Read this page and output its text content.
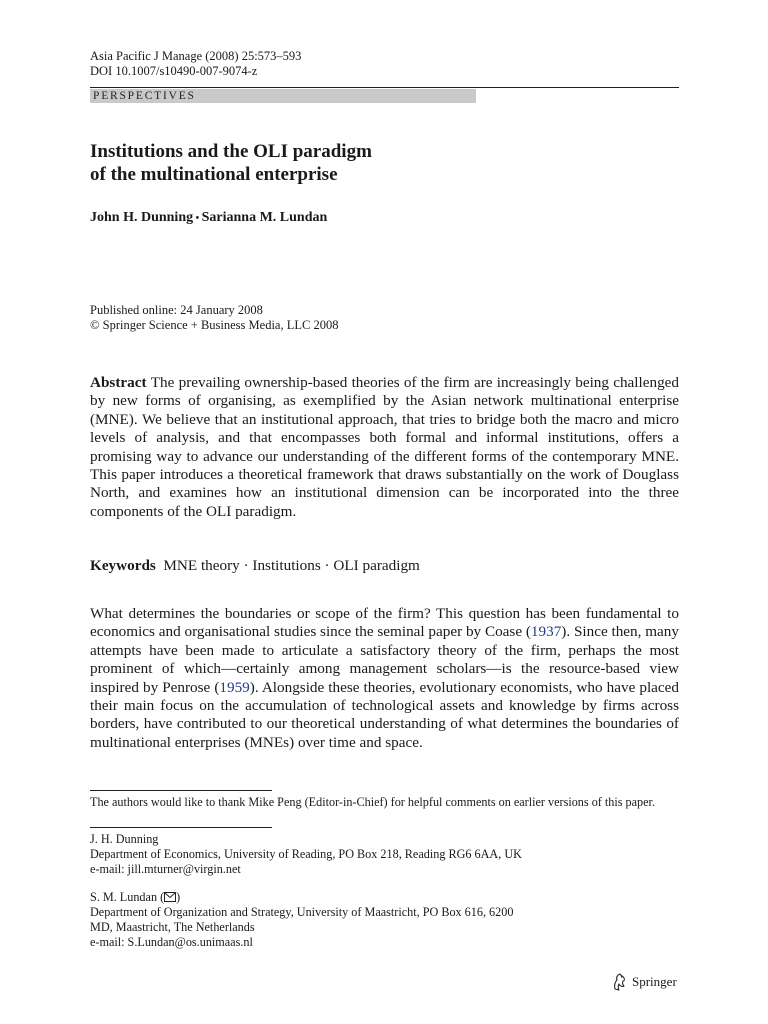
Asia Pacific J Manage (2008) 25:573–593
DOI 10.1007/s10490-007-9074-z
PERSPECTIVES
Institutions and the OLI paradigm
of the multinational enterprise
John H. Dunning • Sarianna M. Lundan
Published online: 24 January 2008
© Springer Science + Business Media, LLC 2008
Abstract The prevailing ownership-based theories of the firm are increasingly being challenged by new forms of organising, as exemplified by the Asian network multinational enterprise (MNE). We believe that an institutional approach, that tries to bridge both the macro and micro levels of analysis, and that encompasses both formal and informal institutions, offers a promising way to advance our understanding of the different forms of the contemporary MNE. This paper introduces a theoretical framework that draws substantially on the work of Douglass North, and examines how an institutional dimension can be incorporated into the three components of the OLI paradigm.
Keywords MNE theory · Institutions · OLI paradigm
What determines the boundaries or scope of the firm? This question has been fundamental to economics and organisational studies since the seminal paper by Coase (1937). Since then, many attempts have been made to articulate a satisfactory theory of the firm, perhaps the most prominent of which—certainly among management scholars—is the resource-based view inspired by Penrose (1959). Alongside these theories, evolutionary economists, who have placed their main focus on the accumulation of technological assets and knowledge by firms across borders, have contributed to our theoretical understanding of what determines the boundaries of multinational enterprises (MNEs) over time and space.
The authors would like to thank Mike Peng (Editor-in-Chief) for helpful comments on earlier versions of this paper.
J. H. Dunning
Department of Economics, University of Reading, PO Box 218, Reading RG6 6AA, UK
e-mail: jill.mturner@virgin.net
S. M. Lundan ( )
Department of Organization and Strategy, University of Maastricht, PO Box 616, 6200
MD, Maastricht, The Netherlands
e-mail: S.Lundan@os.unimaas.nl
Springer
